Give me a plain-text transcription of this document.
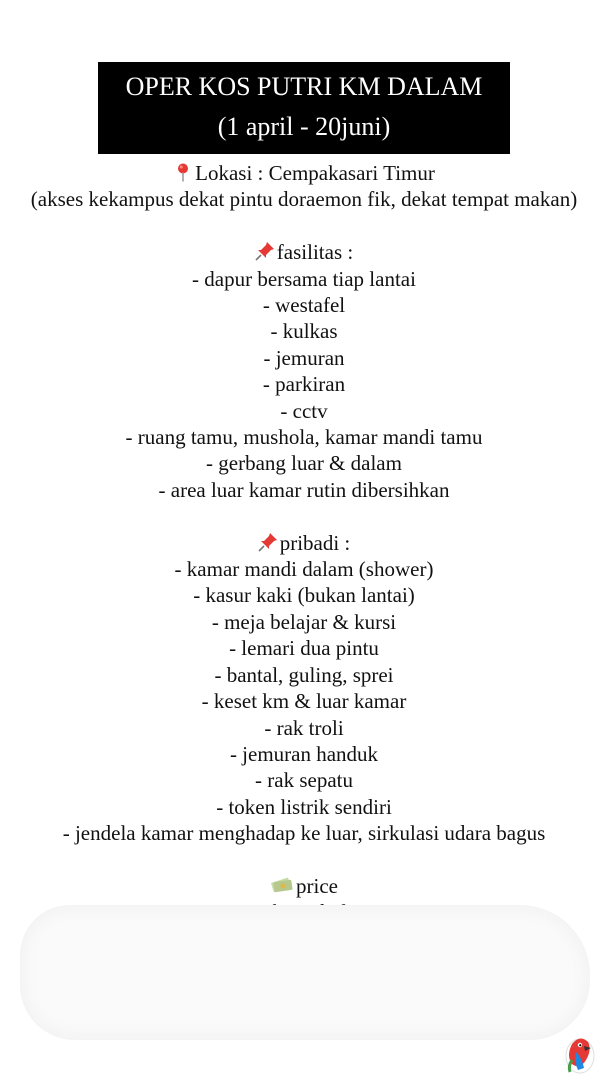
OPER KOS PUTRI KM DALAM
(1 april - 20juni)
Lokasi : Cempakasari Timur
(akses kekampus dekat pintu doraemon fik, dekat tempat makan)
fasilitas :
- dapur bersama tiap lantai
- westafel
- kulkas
- jemuran
- parkiran
- cctv
- ruang tamu, mushola, kamar mandi tamu
- gerbang luar & dalam
- area luar kamar rutin dibersihkan
pribadi :
- kamar mandi dalam (shower)
- kasur kaki (bukan lantai)
- meja belajar & kursi
- lemari dua pintu
- bantal, guling, sprei
- keset km & luar kamar
- rak troli
- jemuran handuk
- rak sepatu
- token listrik sendiri
- jendela kamar menghadap ke luar, sirkulasi udara bagus
price
